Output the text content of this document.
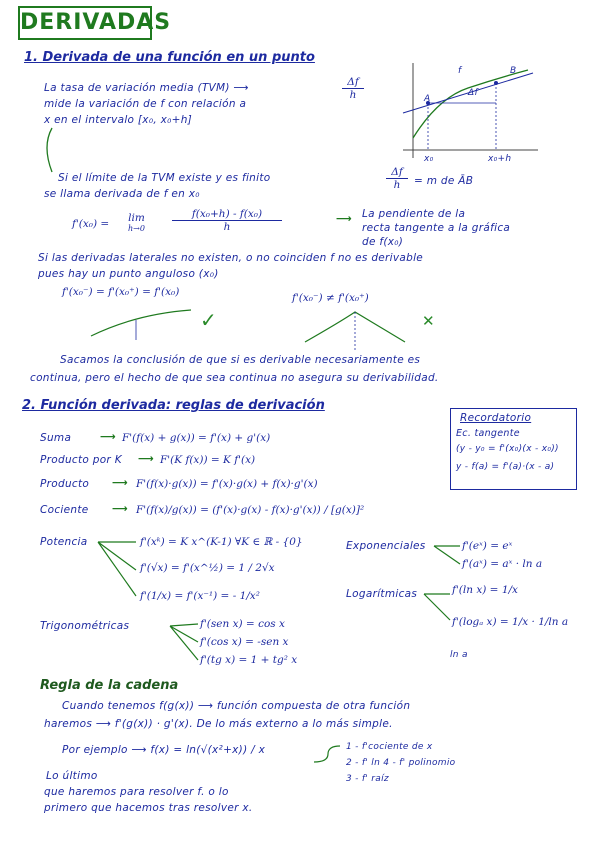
DERIVADAS
1. Derivada de una función en un punto
La tasa de variación media (TVM) ⟶
mide la variación de f con relación a
x en el intervalo [x₀, x₀+h]
$\frac{\Delta f}{h}$
f
A
B
Δf
x₀	x₀+h
Si el límite de la TVM existe y es finito
se llama derivada de f en x₀
$\frac{\Delta f}{h} = m$ de ĀB
f'(x₀) = lim
h→0	$\frac{\text{f(x₀+h) - f(x₀)}}{h}$	⟶ La pendiente de la
recta tangente a la gráfica
de f(x₀)
Si las derivadas laterales no existen, o no coinciden f no es derivable
pues hay un punto anguloso (x₀)
f'(x₀⁻) = f'(x₀⁺) = f'(x₀)	f'(x₀⁻) ≠ f'(x₀⁺)
✓	✕
Sacamos la conclusión de que si es derivable necesariamente es
continua, pero el hecho de que sea continua no asegura su derivabilidad.
2. Función derivada: reglas de derivación
Recordatorio
Ec. tangente
(y - y₀ = f'(x₀)(x - x₀))
y - f(a) = f'(a)·(x - a)
Suma	⟶ F'(f(x) + g(x)) = f'(x) + g'(x)
Producto por K ⟶ F'(K f(x)) = K f'(x)
Producto ⟶ F'(f(x)·g(x)) = f'(x)·g(x) + f(x)·g'(x)
Cociente ⟶ F'(f(x)/g(x)) = (f'(x)·g(x) - f(x)·g'(x)) / [g(x)]²
Potencia	f'(xᵏ) = K x^(K-1) ∀K ∈ ℝ - {0}
f'(√x) = f'(x^½) = 1 / 2√x
f'(1/x) = f'(x⁻¹) = - 1/x²
Exponenciales	f'(eˣ) = eˣ
f'(aˣ) = aˣ · ln a
Logarítmicas	f'(ln x) = 1/x
f'(logₐ x) = 1/x · 1/ln a
ln a
Trigonométricas	f'(sen x) = cos x
f'(cos x) = -sen x
f'(tg x) = 1 + tg² x
Regla de la cadena
Cuando tenemos f(g(x)) ⟶ función compuesta de otra función
haremos ⟶ f'(g(x)) · g'(x). De lo más externo a lo más simple.
Por ejemplo ⟶ f(x) = ln(√(x²+x)) / x	1 - f'cociente de x
2 - f' ln 4 - f' polinomio
3 - f' raíz
Lo último
que haremos para resolver f. o lo
primero que hacemos tras resolver x.
